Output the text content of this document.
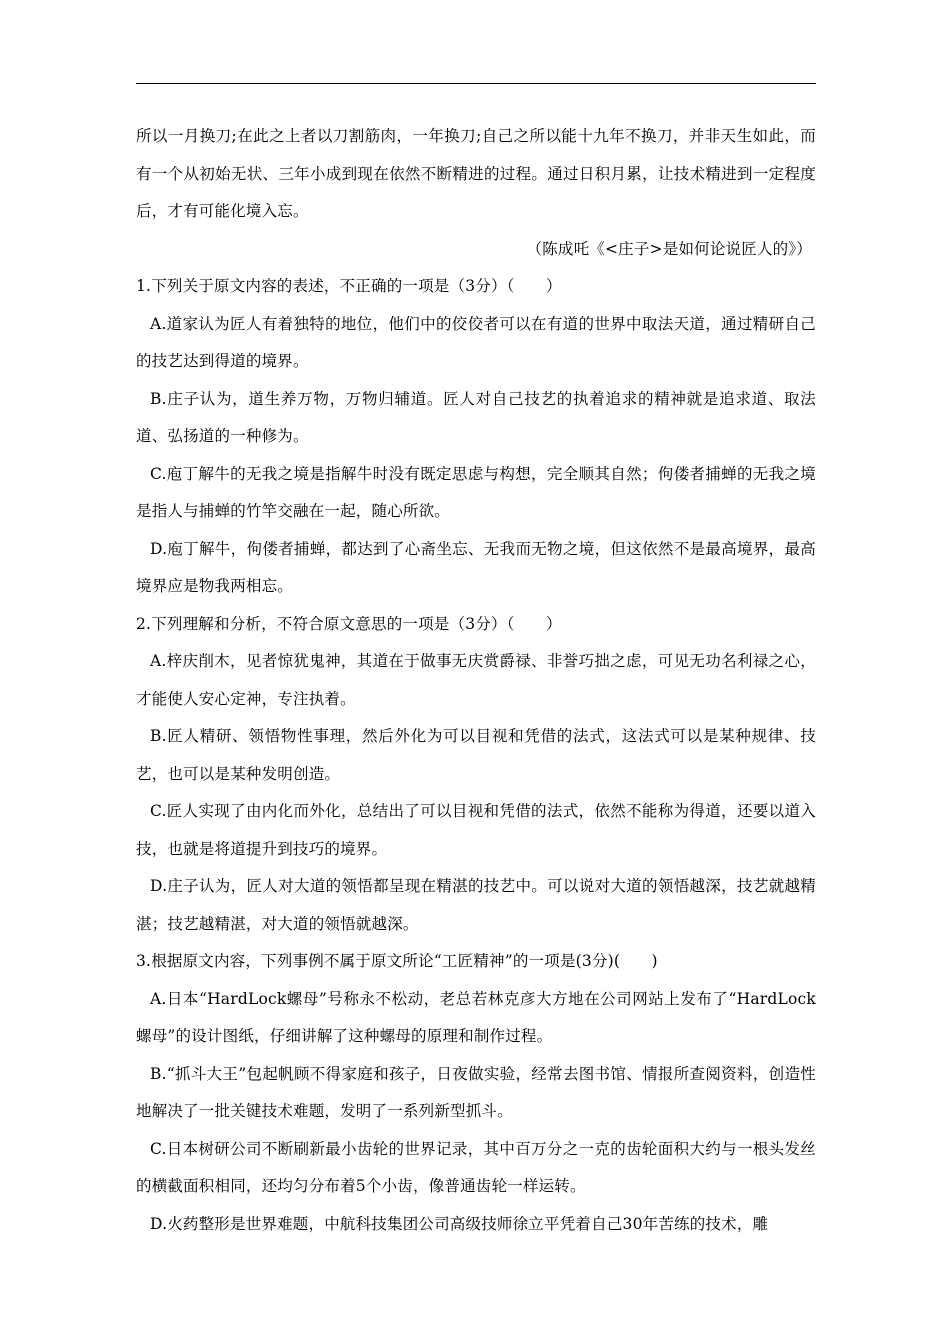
所以一月换刀;在此之上者以刀割筋肉，一年换刀;自己之所以能十九年不换刀，并非天生如此，而有一个从初始无状、三年小成到现在依然不断精进的过程。通过日积月累，让技术精进到一定程度后，才有可能化境入忘。

（陈成吒《<庄子>是如何论说匠人的》）

1.下列关于原文内容的表述，不正确的一项是（3分）（　　）

A.道家认为匠人有着独特的地位，他们中的佼佼者可以在有道的世界中取法天道，通过精研自己的技艺达到得道的境界。

B.庄子认为，道生养万物，万物归辅道。匠人对自己技艺的执着追求的精神就是追求道、取法道、弘扬道的一种修为。

C.庖丁解牛的无我之境是指解牛时没有既定思虑与构想，完全顺其自然；佝偻者捕蝉的无我之境是指人与捕蝉的竹竿交融在一起，随心所欲。

D.庖丁解牛，佝偻者捕蝉，都达到了心斋坐忘、无我而无物之境，但这依然不是最高境界，最高境界应是物我两相忘。

2.下列理解和分析，不符合原文意思的一项是（3分）（　　）

A.梓庆削木，见者惊犹鬼神，其道在于做事无庆赏爵禄、非誉巧拙之虑，可见无功名利禄之心，才能使人安心定神，专注执着。

B.匠人精研、领悟物性事理，然后外化为可以目视和凭借的法式，这法式可以是某种规律、技艺，也可以是某种发明创造。

C.匠人实现了由内化而外化，总结出了可以目视和凭借的法式，依然不能称为得道，还要以道入技，也就是将道提升到技巧的境界。

D.庄子认为，匠人对大道的领悟都呈现在精湛的技艺中。可以说对大道的领悟越深，技艺就越精湛；技艺越精湛，对大道的领悟就越深。

3.根据原文内容，下列事例不属于原文所论“工匠精神”的一项是(3分)(　　)

A.日本“HardLock螺母”号称永不松动，老总若林克彦大方地在公司网站上发布了“HardLock 螺母”的设计图纸，仔细讲解了这种螺母的原理和制作过程。

B.“抓斗大王”包起帆顾不得家庭和孩子，日夜做实验，经常去图书馆、情报所查阅资料，创造性地解决了一批关键技术难题，发明了一系列新型抓斗。

C.日本树研公司不断刷新最小齿轮的世界记录，其中百万分之一克的齿轮面积大约与一根头发丝的横截面积相同，还均匀分布着5个小齿，像普通齿轮一样运转。

D.火药整形是世界难题，中航科技集团公司高级技师徐立平凭着自己30年苦练的技术，雕
